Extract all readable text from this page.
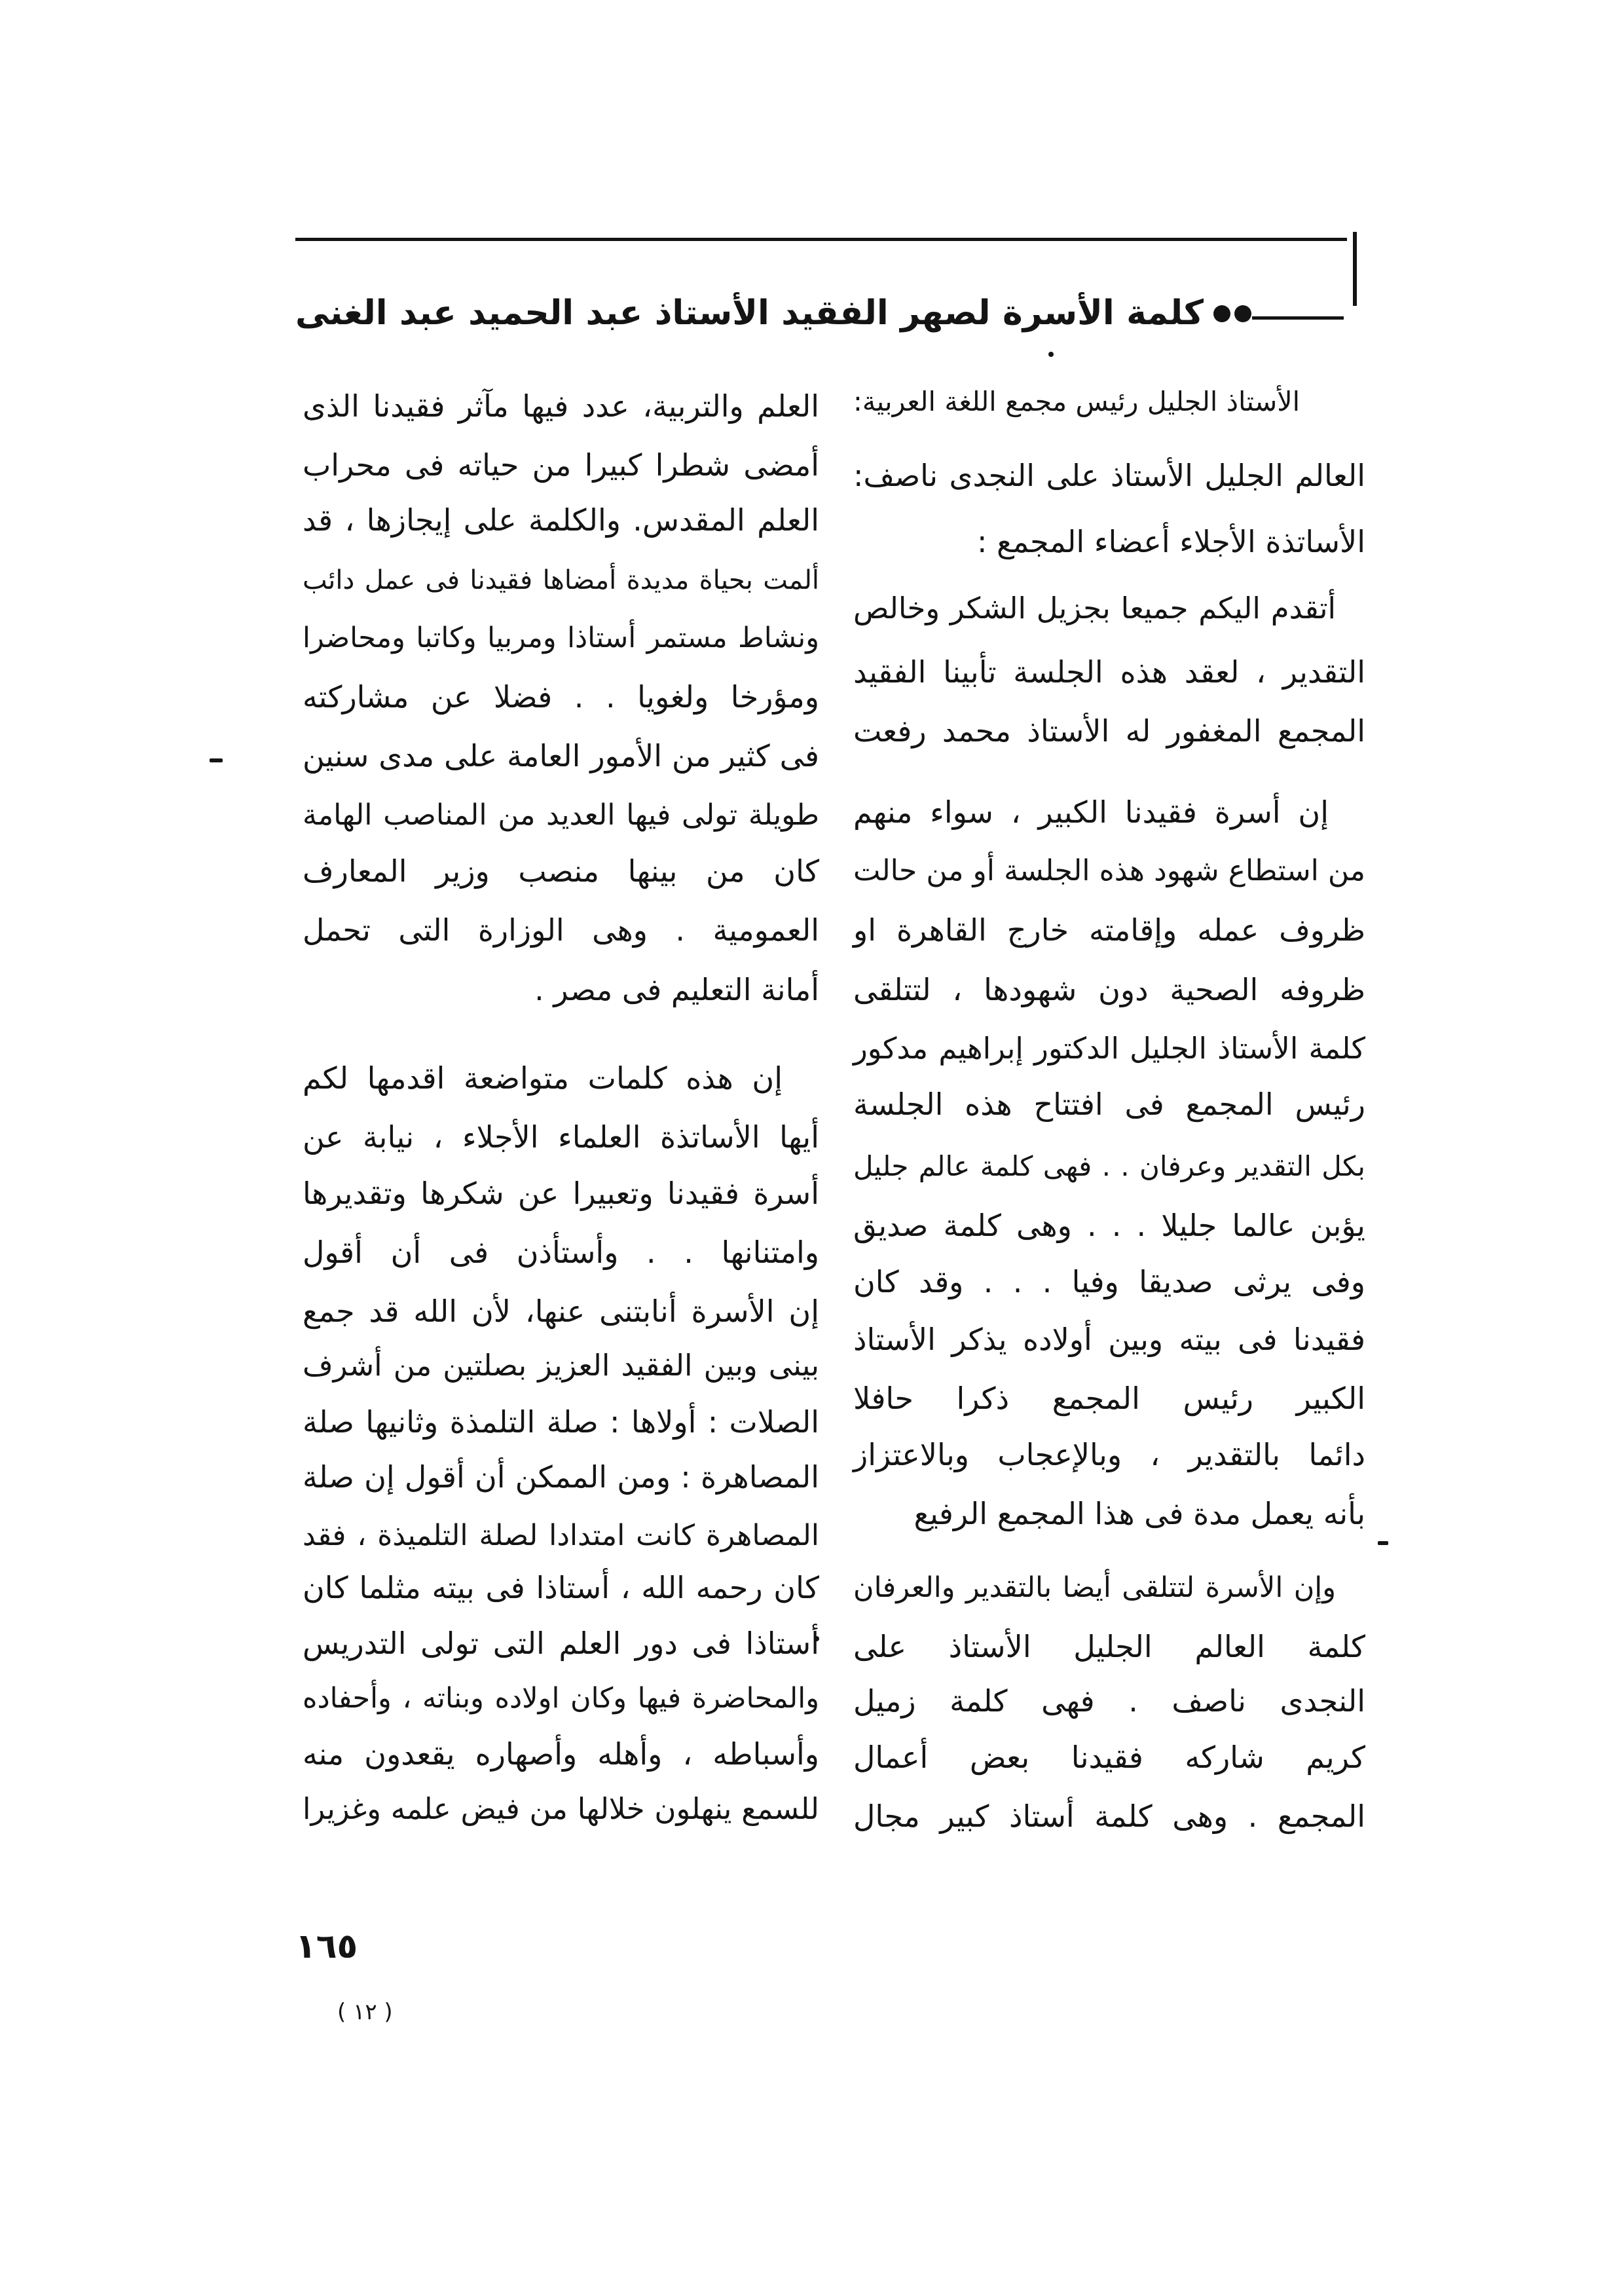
كلمة الأسرة لصهر الفقيد الأستاذ عبد الحميد عبد الغنى
الأستاذ الجليل رئيس مجمع اللغة العربية:
العالم الجليل الأستاذ على النجدى ناصف:
الأساتذة الأجلاء أعضاء المجمع :
أتقدم اليكم جميعا بجزيل الشكر وخالص
التقدير ، لعقد هذه الجلسة تأبينا الفقيد
المجمع المغفور له الأستاذ محمد رفعت
إن أسرة فقيدنا الكبير ، سواء منهم
من استطاع شهود هذه الجلسة أو من حالت
ظروف عمله وإقامته خارج القاهرة او
ظروفه الصحية دون شهودها ، لتتلقى
كلمة الأستاذ الجليل الدكتور إبراهيم مدكور
رئيس المجمع فى افتتاح هذه الجلسة
بكل التقدير وعرفان . . فهى كلمة عالم جليل
يؤبن عالما جليلا . . . وهى كلمة صديق
وفى يرثى صديقا وفيا . . . وقد كان
فقيدنا فى بيته وبين أولاده يذكر الأستاذ
الكبير رئيس المجمع ذكرا حافلا
دائما بالتقدير ، وبالإعجاب وبالاعتزاز
بأنه يعمل مدة فى هذا المجمع الرفيع
وإن الأسرة لتتلقى أيضا بالتقدير والعرفان
كلمة العالم الجليل الأستاذ على
النجدى ناصف . فهى كلمة زميل
كريم شاركه فقيدنا بعض أعمال
المجمع . وهى كلمة أستاذ كبير مجال
العلم والتربية، عدد فيها مآثر فقيدنا الذى
أمضى شطرا كبيرا من حياته فى محراب
العلم المقدس. والكلمة على إيجازها ، قد
ألمت بحياة مديدة أمضاها فقيدنا فى عمل دائب
ونشاط مستمر أستاذا ومربيا وكاتبا ومحاضرا
ومؤرخا ولغويا . . فضلا عن مشاركته
فى كثير من الأمور العامة على مدى سنين
طويلة تولى فيها العديد من المناصب الهامة
كان من بينها منصب وزير المعارف
العمومية . وهى الوزارة التى تحمل
أمانة التعليم فى مصر .
إن هذه كلمات متواضعة اقدمها لكم
أيها الأساتذة العلماء الأجلاء ، نيابة عن
أسرة فقيدنا وتعبيرا عن شكرها وتقديرها
وامتنانها . . وأستأذن فى أن أقول
إن الأسرة أنابتنى عنها، لأن الله قد جمع
بينى وبين الفقيد العزيز بصلتين من أشرف
الصلات : أولاها : صلة التلمذة وثانيها صلة
المصاهرة : ومن الممكن أن أقول إن صلة
المصاهرة كانت امتدادا لصلة التلميذة ، فقد
كان رحمه الله ، أستاذا فى بيته مثلما كان
أستاذا فى دور العلم التى تولى التدريس
والمحاضرة فيها وكان اولاده وبناته ، وأحفاده
وأسباطه ، وأهله وأصهاره يقعدون منه
للسمع ينهلون خلالها من فيض علمه وغزيرا
١٦٥
( ١٢ )
